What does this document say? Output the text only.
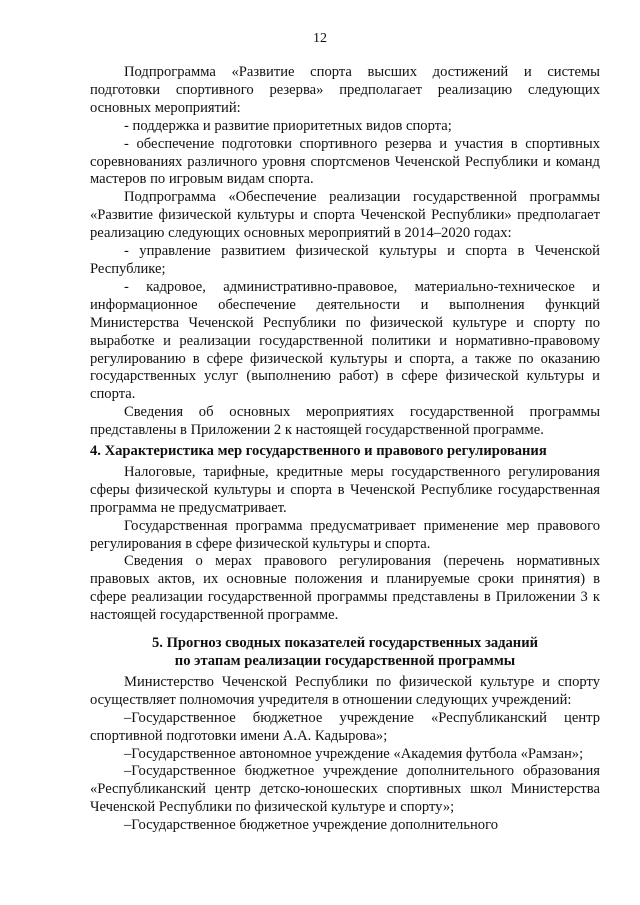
12

Подпрограмма «Развитие спорта высших достижений и системы подготовки спортивного резерва» предполагает реализацию следующих основных мероприятий:

- поддержка и развитие приоритетных видов спорта;

- обеспечение подготовки спортивного резерва и участия в спортивных соревнованиях различного уровня спортсменов Чеченской Республики и команд мастеров по игровым видам спорта.

Подпрограмма «Обеспечение реализации государственной программы «Развитие физической культуры и спорта Чеченской Республики» предполагает реализацию следующих основных мероприятий в 2014–2020 годах:

- управление развитием физической культуры и спорта в Чеченской Республике;

- кадровое, административно-правовое, материально-техническое и информационное обеспечение деятельности и выполнения функций Министерства Чеченской Республики по физической культуре и спорту по выработке и реализации государственной политики и нормативно-правовому регулированию в сфере физической культуры и спорта, а также по оказанию государственных услуг (выполнению работ) в сфере физической культуры и спорта.

Сведения об основных мероприятиях государственной программы представлены в Приложении 2 к настоящей государственной программе.

4. Характеристика мер государственного и правового регулирования

Налоговые, тарифные, кредитные меры государственного регулирования сферы физической культуры и спорта в Чеченской Республике государственная программа не предусматривает.

Государственная программа предусматривает применение мер правового регулирования в сфере физической культуры и спорта.

Сведения о мерах правового регулирования (перечень нормативных правовых актов, их основные положения и планируемые сроки принятия) в сфере реализации государственной программы представлены в Приложении 3 к настоящей государственной программе.

5. Прогноз сводных показателей государственных заданий
по этапам реализации государственной программы

Министерство Чеченской Республики по физической культуре и спорту осуществляет полномочия учредителя в отношении следующих учреждений:

–Государственное бюджетное учреждение «Республиканский центр спортивной подготовки имени А.А. Кадырова»;

–Государственное автономное учреждение «Академия футбола «Рамзан»;

–Государственное бюджетное учреждение дополнительного образования «Республиканский центр детско-юношеских спортивных школ Министерства Чеченской Республики по физической культуре и спорту»;

–Государственное бюджетное учреждение дополнительного
